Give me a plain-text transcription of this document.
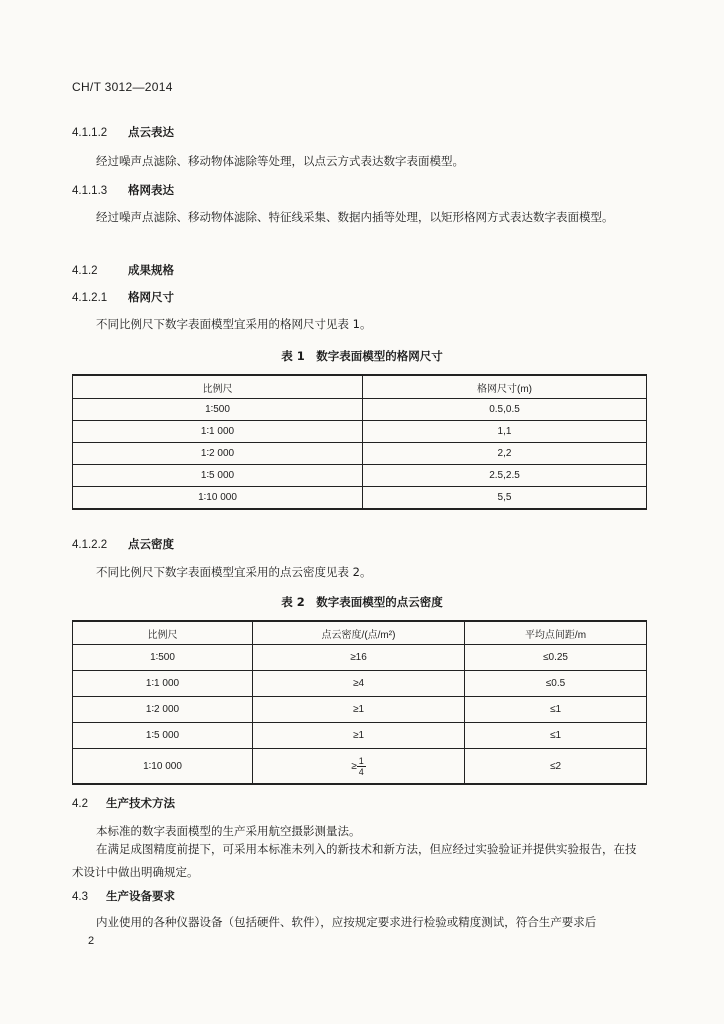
CH/T 3012—2014
4.1.1.2 点云表达
经过噪声点滤除、移动物体滤除等处理，以点云方式表达数字表面模型。
4.1.1.3 格网表达
经过噪声点滤除、移动物体滤除、特征线采集、数据内插等处理，以矩形格网方式表达数字表面模型。
4.1.2	成果规格
4.1.2.1 格网尺寸
不同比例尺下数字表面模型宜采用的格网尺寸见表 1。
表 1　数字表面模型的格网尺寸
比例尺	格网尺寸(m)
1∶500	0.5,0.5
1∶1 000	1,1
1∶2 000	2,2
1∶5 000	2.5,2.5
1∶10 000	5,5
4.1.2.2 点云密度
不同比例尺下数字表面模型宜采用的点云密度见表 2。
表 2　数字表面模型的点云密度
比例尺	点云密度/(点/m²)	平均点间距/m
1∶500	≥16	≤0.25
1∶1 000	≥4	≤0.5
1∶2 000	≥1	≤1
1∶5 000	≥1	≤1
1∶10 000	≥ $\frac{1}{4}$	≤2
4.2 生产技术方法
本标准的数字表面模型的生产采用航空摄影测量法。
在满足成图精度前提下，可采用本标准未列入的新技术和新方法，但应经过实验验证并提供实验报告，在技术设计中做出明确规定。
4.3 生产设备要求
内业使用的各种仪器设备（包括硬件、软件），应按规定要求进行检验或精度测试，符合生产要求后
2
